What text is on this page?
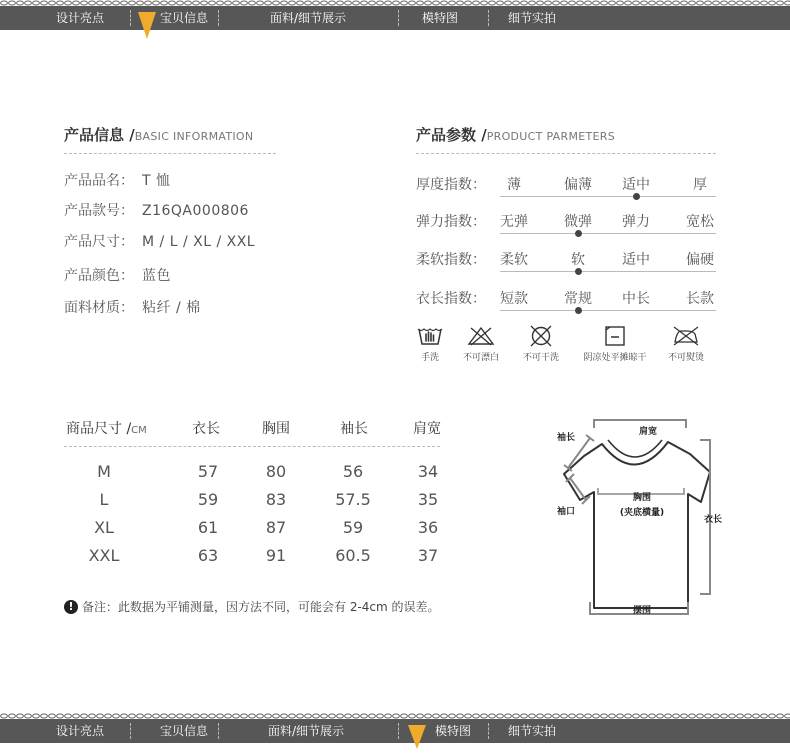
设计亮点	宝贝信息	面料/细节展示	模特图	细节实拍
产品信息 /BASIC INFORMATION
产品品名： T 恤
产品款号： Z16QA000806
产品尺寸： M / L / XL / XXL
产品颜色： 蓝色
面料材质： 粘纤 / 棉
产品参数 /PRODUCT PARMETERS
厚度指数： 薄	偏薄 适中	厚
弹力指数： 无弹	微弹 弹力	宽松
柔软指数： 柔软	软	适中	偏硬
衣长指数： 短款	常规 中长	长款
手洗	不可漂白	不可干洗	阴凉处平摊晾干	不可熨烫
商品尺寸 /CM	衣长	胸围	袖长	肩宽
M	57	80	56	34
L	59	83	57.5	35
XL	61	87	59	36
XXL	63	91	60.5	37
! 备注：此数据为平铺测量，因方法不同，可能会有 2-4cm 的误差。
肩宽
袖长
袖口
胸围
(夹底横量)
衣长
摆围
设计亮点	宝贝信息	面料/细节展示	模特图	细节实拍
